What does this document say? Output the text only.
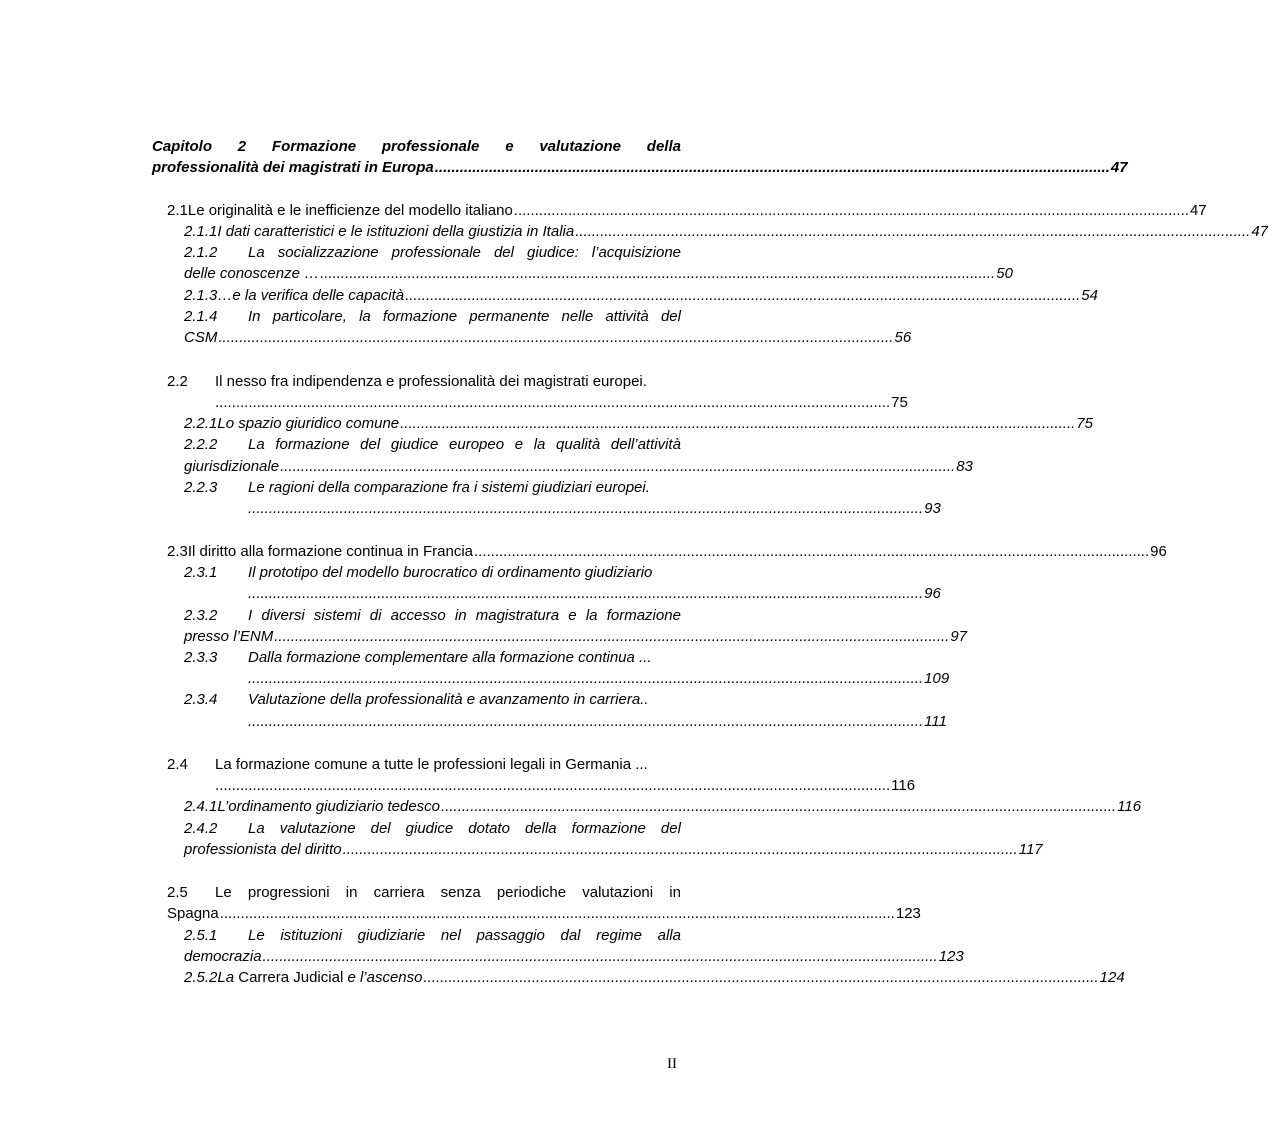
Capitolo 2 Formazione professionale e valutazione della
professionalità dei magistrati in Europa .................................................................................................................................................................. 47
2.1 Le originalità e le inefficienze del modello italiano .................................................................................................................................................................. 47
2.1.1 I dati caratteristici e le istituzioni della giustizia in Italia .................................................................................................................................................................. 47
2.1.2	La socializzazione professionale del giudice: l’acquisizione
delle conoscenze … .................................................................................................................................................................. 50
2.1.3 …e la verifica delle capacità .................................................................................................................................................................. 54
2.1.4	In particolare, la formazione permanente nelle attività del
CSM .................................................................................................................................................................. 56
2.2	Il nesso fra indipendenza e professionalità dei magistrati europei.
.................................................................................................................................................................. 75
2.2.1 Lo spazio giuridico comune .................................................................................................................................................................. 75
2.2.2	La formazione del giudice europeo e la qualità dell’attività
giurisdizionale .................................................................................................................................................................. 83
2.2.3	Le ragioni della comparazione fra i sistemi giudiziari europei.
.................................................................................................................................................................. 93
2.3 Il diritto alla formazione continua in Francia .................................................................................................................................................................. 96
2.3.1	Il prototipo del modello burocratico di ordinamento giudiziario
.................................................................................................................................................................. 96
2.3.2	I diversi sistemi di accesso in magistratura e la formazione
presso l’ENM .................................................................................................................................................................. 97
2.3.3	Dalla formazione complementare alla formazione continua ...
.................................................................................................................................................................. 109
2.3.4	Valutazione della professionalità e avanzamento in carriera..
.................................................................................................................................................................. 111
2.4	La formazione comune a tutte le professioni legali in Germania ...
.................................................................................................................................................................. 116
2.4.1 L’ordinamento giudiziario tedesco .................................................................................................................................................................. 116
2.4.2	La valutazione del giudice dotato della formazione del
professionista del diritto .................................................................................................................................................................. 117
2.5	Le progressioni in carriera senza periodiche valutazioni in
Spagna .................................................................................................................................................................. 123
2.5.1	Le istituzioni giudiziarie nel passaggio dal regime alla
democrazia .................................................................................................................................................................. 123
2.5.2 La Carrera Judicial e l’ascenso .................................................................................................................................................................. 124
II
